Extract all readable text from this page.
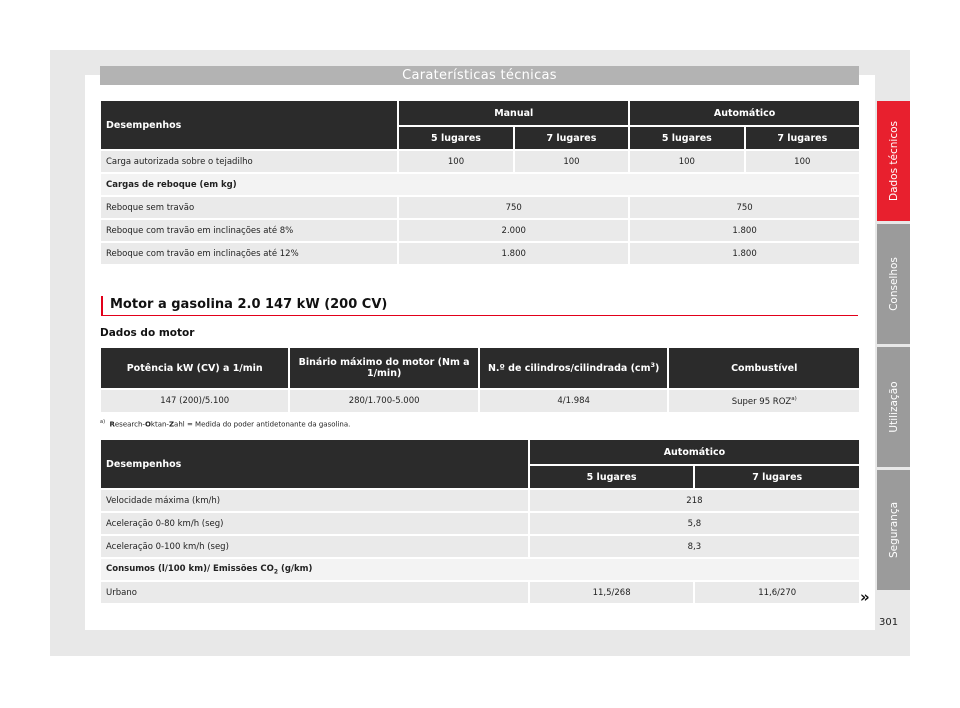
Caraterísticas técnicas
Desempenhos	Manual		Automático	
	5 lugares	7 lugares	5 lugares	7 lugares
Carga autorizada sobre o tejadilho	100	100	100	100
Cargas de reboque (em kg)				
Reboque sem travão	750		750	
Reboque com travão em inclinações até 8%	2.000		1.800	
Reboque com travão em inclinações até 12%	1.800		1.800	
Motor a gasolina 2.0 147 kW (200 CV)
Dados do motor
Potência kW (CV) a 1/min	Binário máximo do motor (Nm a 1/min)	N.º de cilindros/cilindrada $(cm^3)$	Combustível
147 (200)/5.100	280/1.700-5.000	4/1.984	Super 95 ROZ$^{a)}$
$^{a)}$ Research-Oktan-Zahl = Medida do poder antidetonante da gasolina.
Desempenhos	Automático	
	5 lugares	7 lugares
Velocidade máxima (km/h)	218	
Aceleração 0-80 km/h (seg)	5,8	
Aceleração 0-100 km/h (seg)	8,3	
Consumos (l/100 km)/ Emissões $CO_2$ (g/km)		
Urbano	11,5/268	11,6/270
Dados técnicos
Conselhos
Utilização
Segurança
»
301
